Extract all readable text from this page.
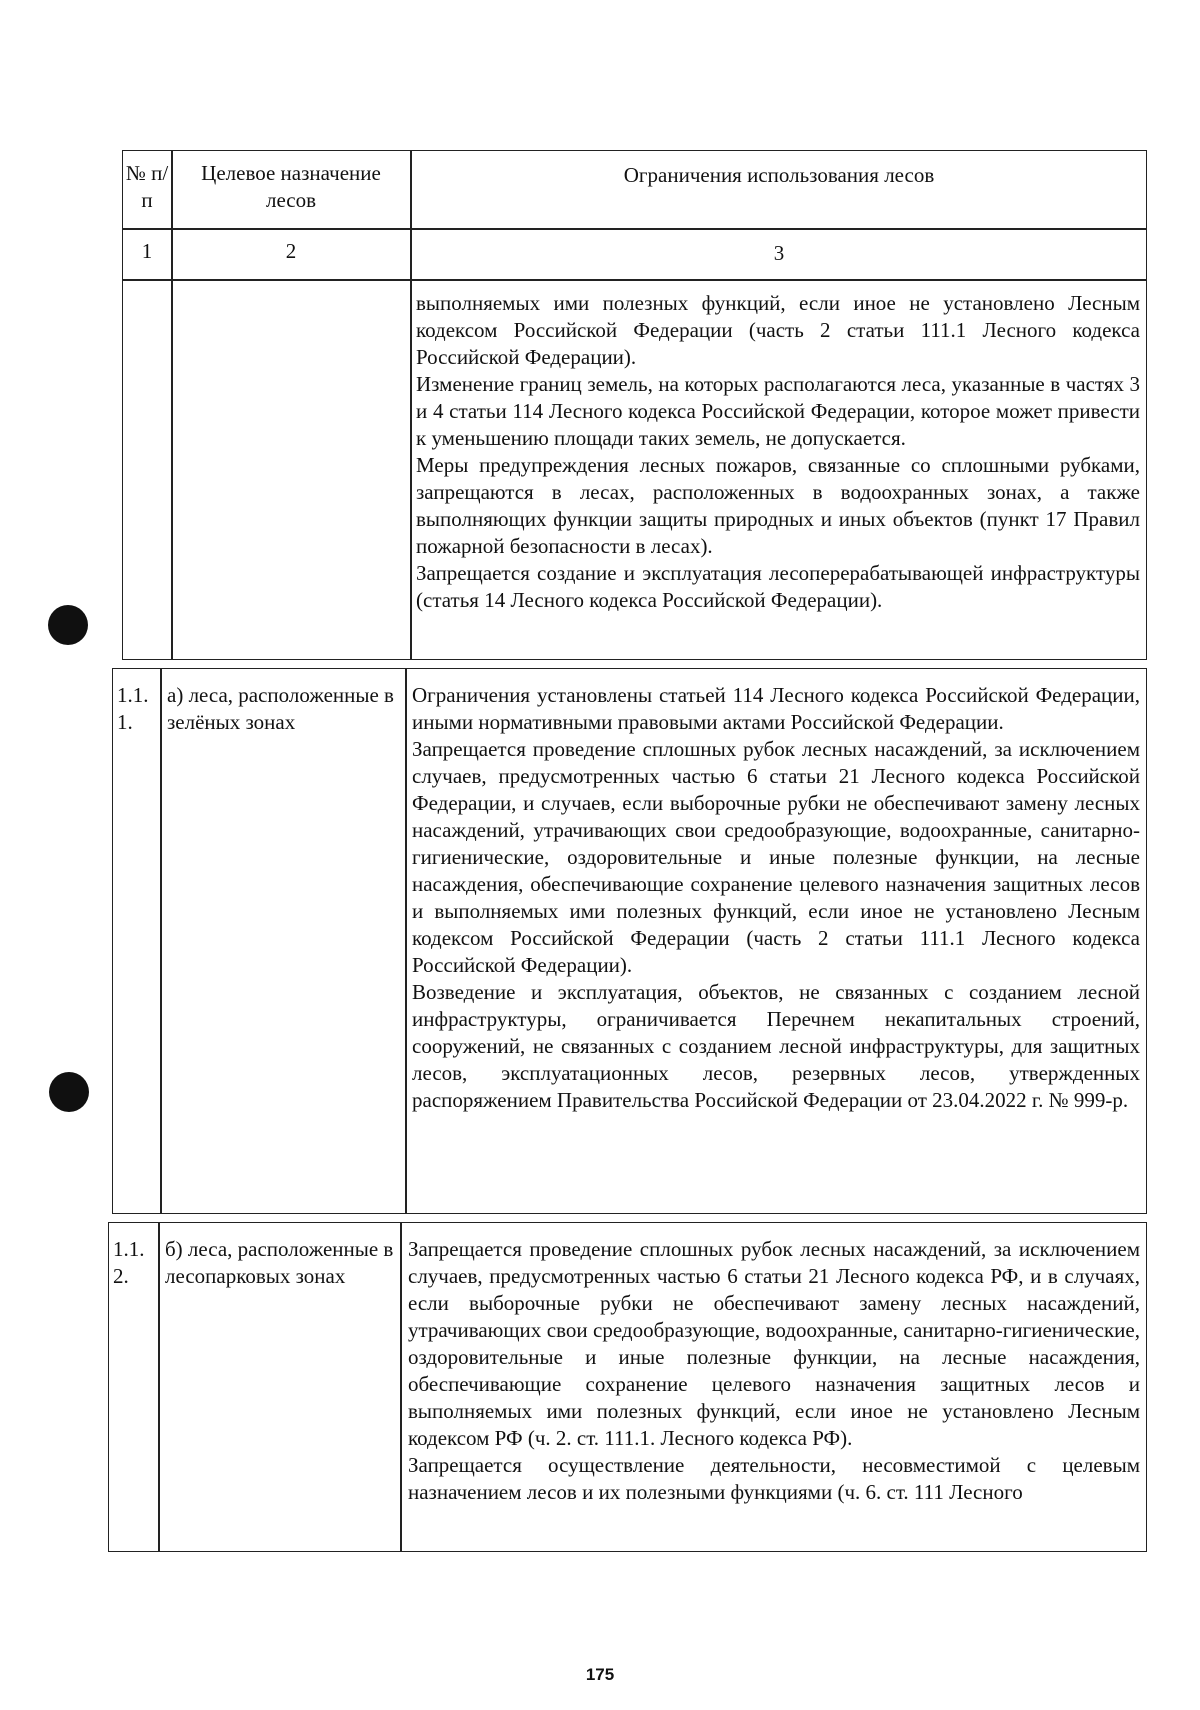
№ п/п
Целевое назначение лесов
Ограничения использования лесов
1	2	3

выполняемых ими полезных функций, если иное не установлено Лесным кодексом Российской Федерации (часть 2 статьи 111.1 Лесного кодекса Российской Федерации).

Изменение границ земель, на которых располагаются леса, указанные в частях 3 и 4 статьи 114 Лесного кодекса Российской Федерации, которое может привести к уменьшению площади таких земель, не допускается.

Меры предупреждения лесных пожаров, связанные со сплошными рубками, запрещаются в лесах, расположенных в водоохранных зонах, а также выполняющих функции защиты природных и иных объектов (пункт 17 Правил пожарной безопасности в лесах).

Запрещается создание и эксплуатация лесоперерабатывающей инфраструктуры (статья 14 Лесного кодекса Российской Федерации).

1.1. 1.
а) леса, расположенные в зелёных зонах

Ограничения установлены статьей 114 Лесного кодекса Российской Федерации, иными нормативными правовыми актами Российской Федерации.

Запрещается проведение сплошных рубок лесных насаждений, за исключением случаев, предусмотренных частью 6 статьи 21 Лесного кодекса Российской Федерации, и случаев, если выборочные рубки не обеспечивают замену лесных насаждений, утрачивающих свои средообразующие, водоохранные, санитарно-гигиенические, оздоровительные и иные полезные функции, на лесные насаждения, обеспечивающие сохранение целевого назначения защитных лесов и выполняемых ими полезных функций, если иное не установлено Лесным кодексом Российской Федерации (часть 2 статьи 111.1 Лесного кодекса Российской Федерации).

Возведение и эксплуатация, объектов, не связанных с созданием лесной инфраструктуры, ограничивается Перечнем некапитальных строений, сооружений, не связанных с созданием лесной инфраструктуры, для защитных лесов, эксплуатационных лесов, резервных лесов, утвержденных распоряжением Правительства Российской Федерации от 23.04.2022 г. № 999-р.

1.1. 2.
б) леса, расположенные в лесопарковых зонах

Запрещается проведение сплошных рубок лесных насаждений, за исключением случаев, предусмотренных частью 6 статьи 21 Лесного кодекса РФ, и в случаях, если выборочные рубки не обеспечивают замену лесных насаждений, утрачивающих свои средообразующие, водоохранные, санитарно-гигиенические, оздоровительные и иные полезные функции, на лесные насаждения, обеспечивающие сохранение целевого назначения защитных лесов и выполняемых ими полезных функций, если иное не установлено Лесным кодексом РФ (ч. 2. ст. 111.1. Лесного кодекса РФ).

Запрещается осуществление деятельности, несовместимой с целевым назначением лесов и их полезными функциями (ч. 6. ст. 111 Лесного

175
